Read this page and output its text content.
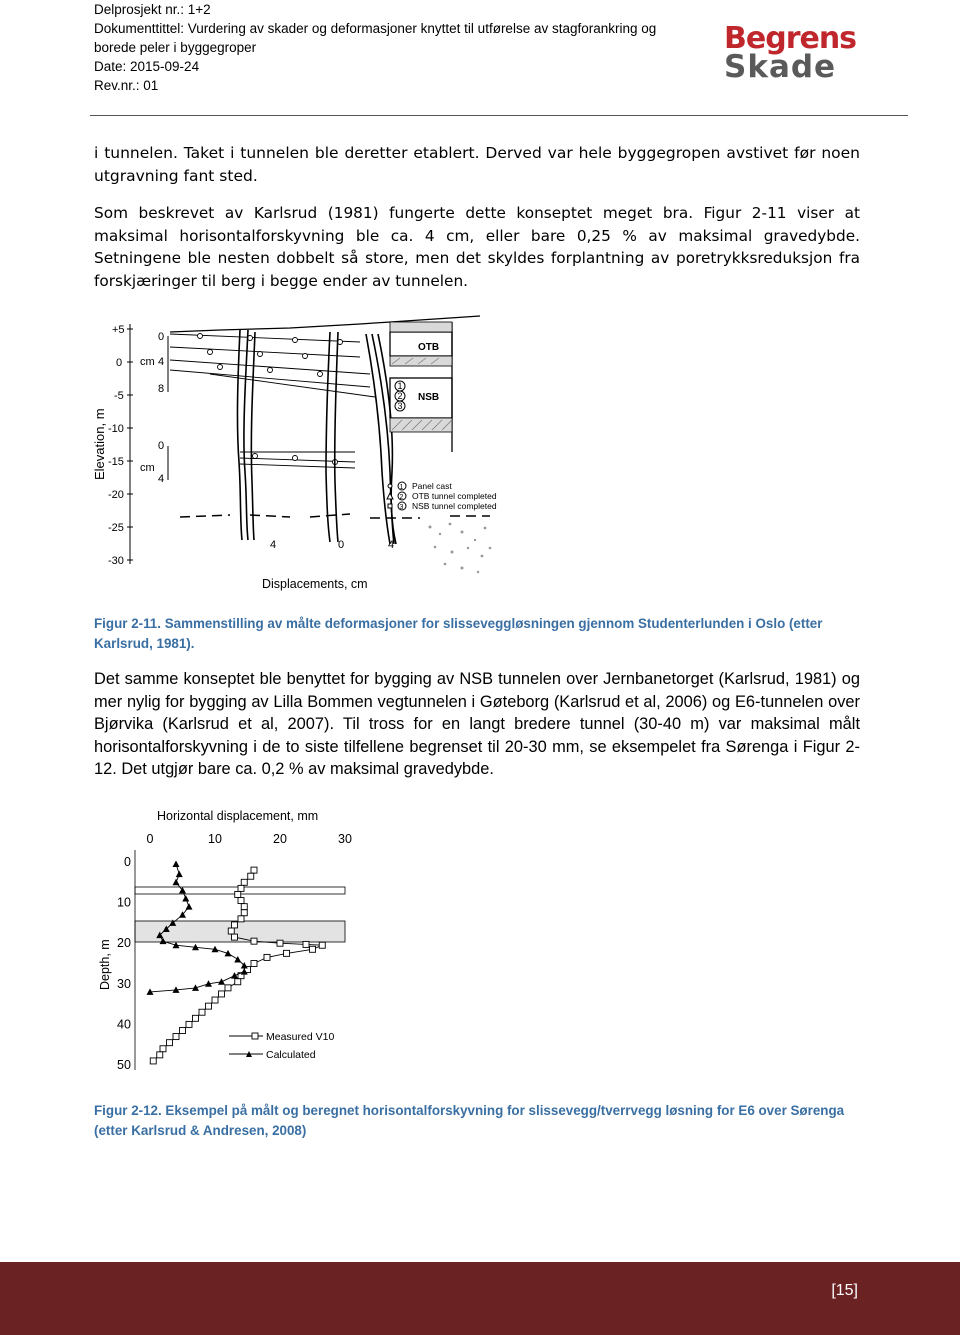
Delprosjekt nr.: 1+2
Dokumenttittel: Vurdering av skader og deformasjoner knyttet til utførelse av stagforankring og
borede peler i byggegroper
Date: 2015-09-24
Rev.nr.: 01
Begrens
Skade
i tunnelen. Taket i tunnelen ble deretter etablert. Derved var hele byggegropen avstivet før noen utgravning fant sted.
Som beskrevet av Karlsrud (1981) fungerte dette konseptet meget bra. Figur 2-11 viser at maksimal horisontalforskyvning ble ca. 4 cm, eller bare 0,25 % av maksimal gravedybde. Setningene ble nesten dobbelt så store, men det skyldes forplantning av poretrykksreduksjon fra forskjæringer til berg i begge ender av tunnelen.
+5
0
-5
-10
-15
-20
-25
-30
Elevation, m
0
cm 4
8
0
cm
4
4	0	4
OTB
NSB
1
2
3
Panel cast
OTB tunnel completed
NSB tunnel completed
1
2
3
Displacements, cm
Figur 2-11. Sammenstilling av målte deformasjoner for slisseveggløsningen gjennom Studenterlunden i Oslo (etter Karlsrud, 1981).
Det samme konseptet ble benyttet for bygging av NSB tunnelen over Jernbanetorget (Karlsrud, 1981) og mer nylig for bygging av Lilla Bommen vegtunnelen i Gøteborg (Karlsrud et al, 2006) og E6-tunnelen over Bjørvika (Karlsrud et al, 2007). Til tross for en langt bredere tunnel (30-40 m) var maksimal målt horisontalforskyvning i de to siste tilfellene begrenset til 20-30 mm, se eksempelet fra Sørenga i Figur 2-12. Det utgjør bare ca. 0,2 % av maksimal gravedybde.
Horizontal displacement, mm
Depth, m
0	10	20	30
0
10
20
30
40
50
Measured V10
Calculated
Figur 2-12. Eksempel på målt og beregnet horisontalforskyvning for slissevegg/tverrvegg løsning for E6 over Sørenga (etter Karlsrud & Andresen, 2008)
[15]
